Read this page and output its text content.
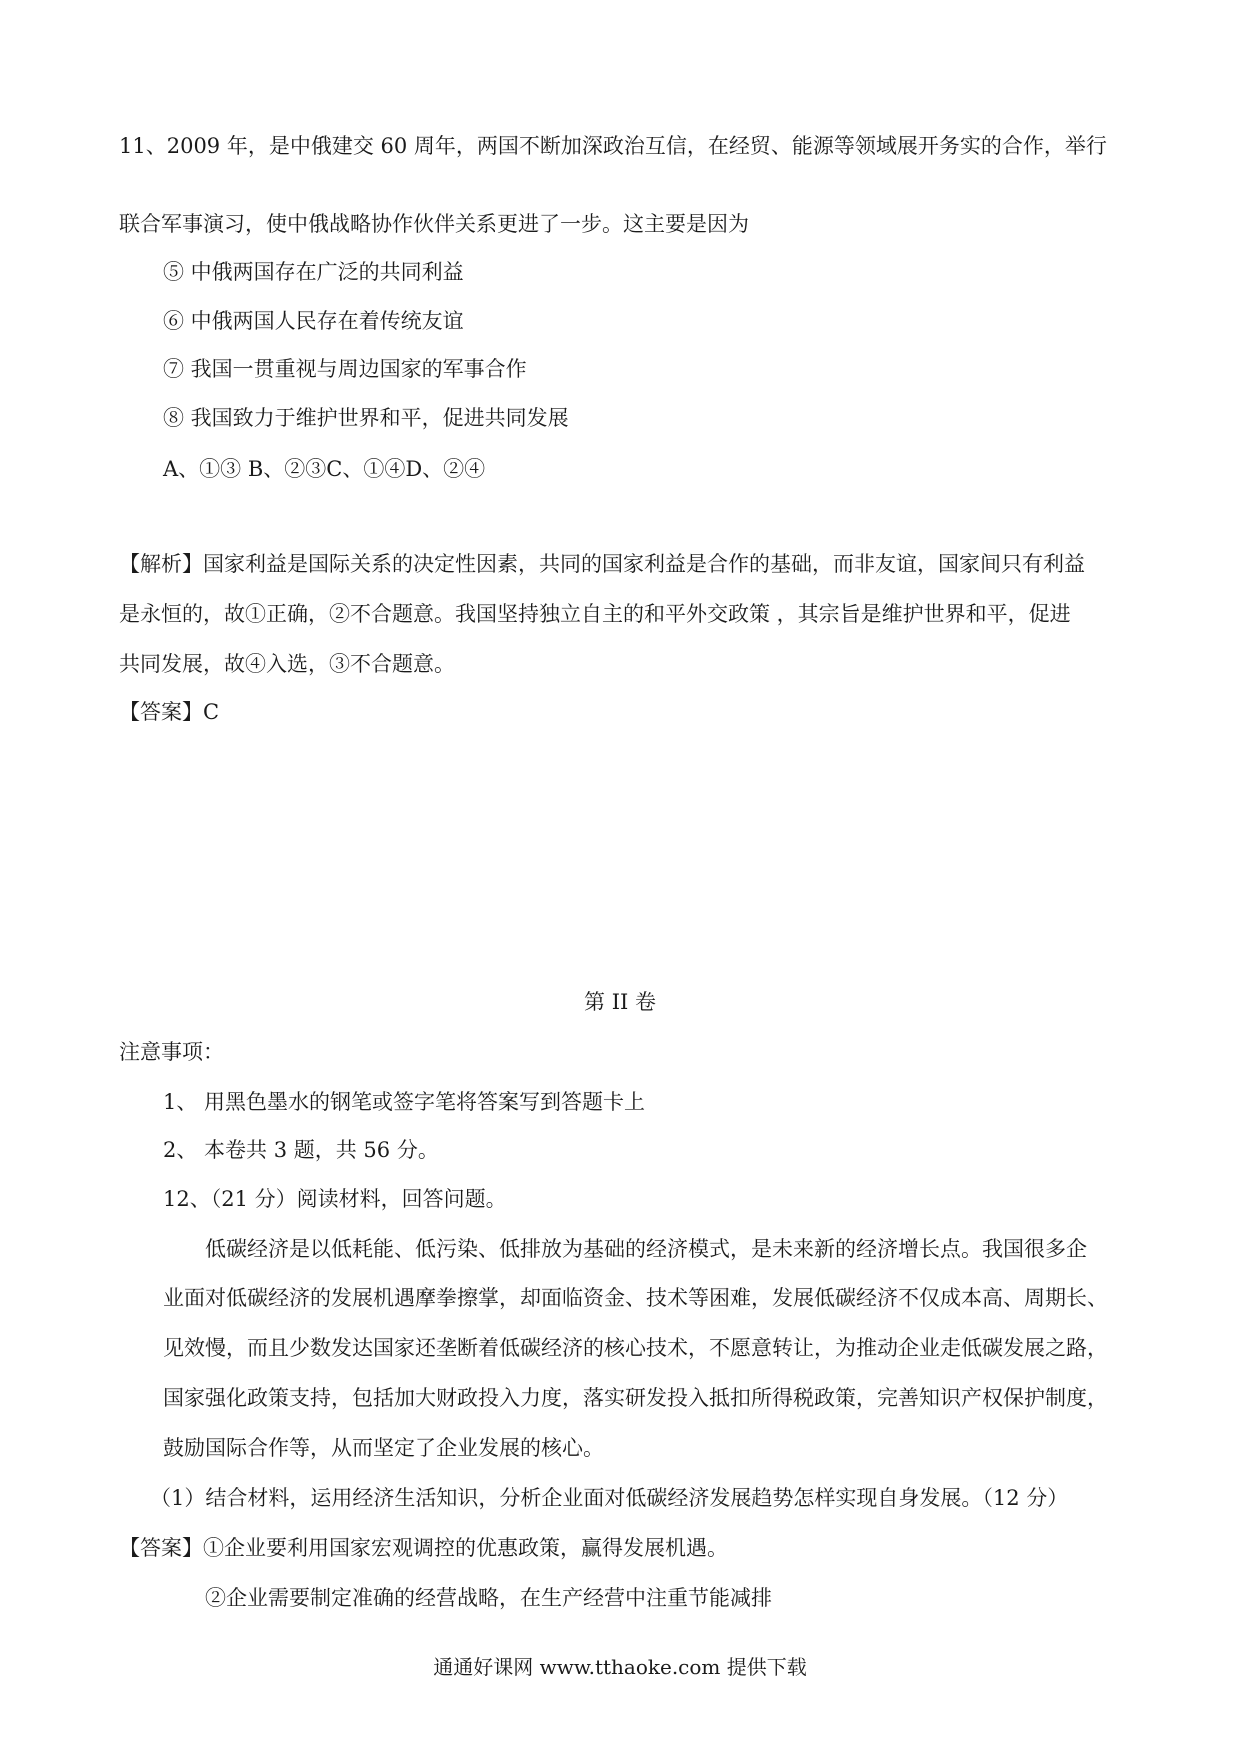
11、2009 年，是中俄建交 60 周年，两国不断加深政治互信，在经贸、能源等领域展开务实的合作，举行
联合军事演习，使中俄战略协作伙伴关系更进了一步。这主要是因为
⑤ 中俄两国存在广泛的共同利益
⑥ 中俄两国人民存在着传统友谊
⑦ 我国一贯重视与周边国家的军事合作
⑧ 我国致力于维护世界和平，促进共同发展
A、①③ B、②③C、①④D、②④
【解析】国家利益是国际关系的决定性因素，共同的国家利益是合作的基础，而非友谊，国家间只有利益
是永恒的，故①正确，②不合题意。我国坚持独立自主的和平外交政策 ，其宗旨是维护世界和平，促进
共同发展，故④入选，③不合题意。
【答案】C
第 II 卷
注意事项：
1、 用黑色墨水的钢笔或签字笔将答案写到答题卡上
2、 本卷共 3 题，共 56 分。
12、（21 分）阅读材料，回答问题。
低碳经济是以低耗能、低污染、低排放为基础的经济模式，是未来新的经济增长点。我国很多企
业面对低碳经济的发展机遇摩拳擦掌，却面临资金、技术等困难，发展低碳经济不仅成本高、周期长、
见效慢，而且少数发达国家还垄断着低碳经济的核心技术，不愿意转让，为推动企业走低碳发展之路，
国家强化政策支持，包括加大财政投入力度，落实研发投入抵扣所得税政策，完善知识产权保护制度，
鼓励国际合作等，从而坚定了企业发展的核心。
（1）结合材料，运用经济生活知识，分析企业面对低碳经济发展趋势怎样实现自身发展。（12 分）
【答案】①企业要利用国家宏观调控的优惠政策，赢得发展机遇。
②企业需要制定准确的经营战略，在生产经营中注重节能减排
通通好课网 www.tthaoke.com 提供下载
